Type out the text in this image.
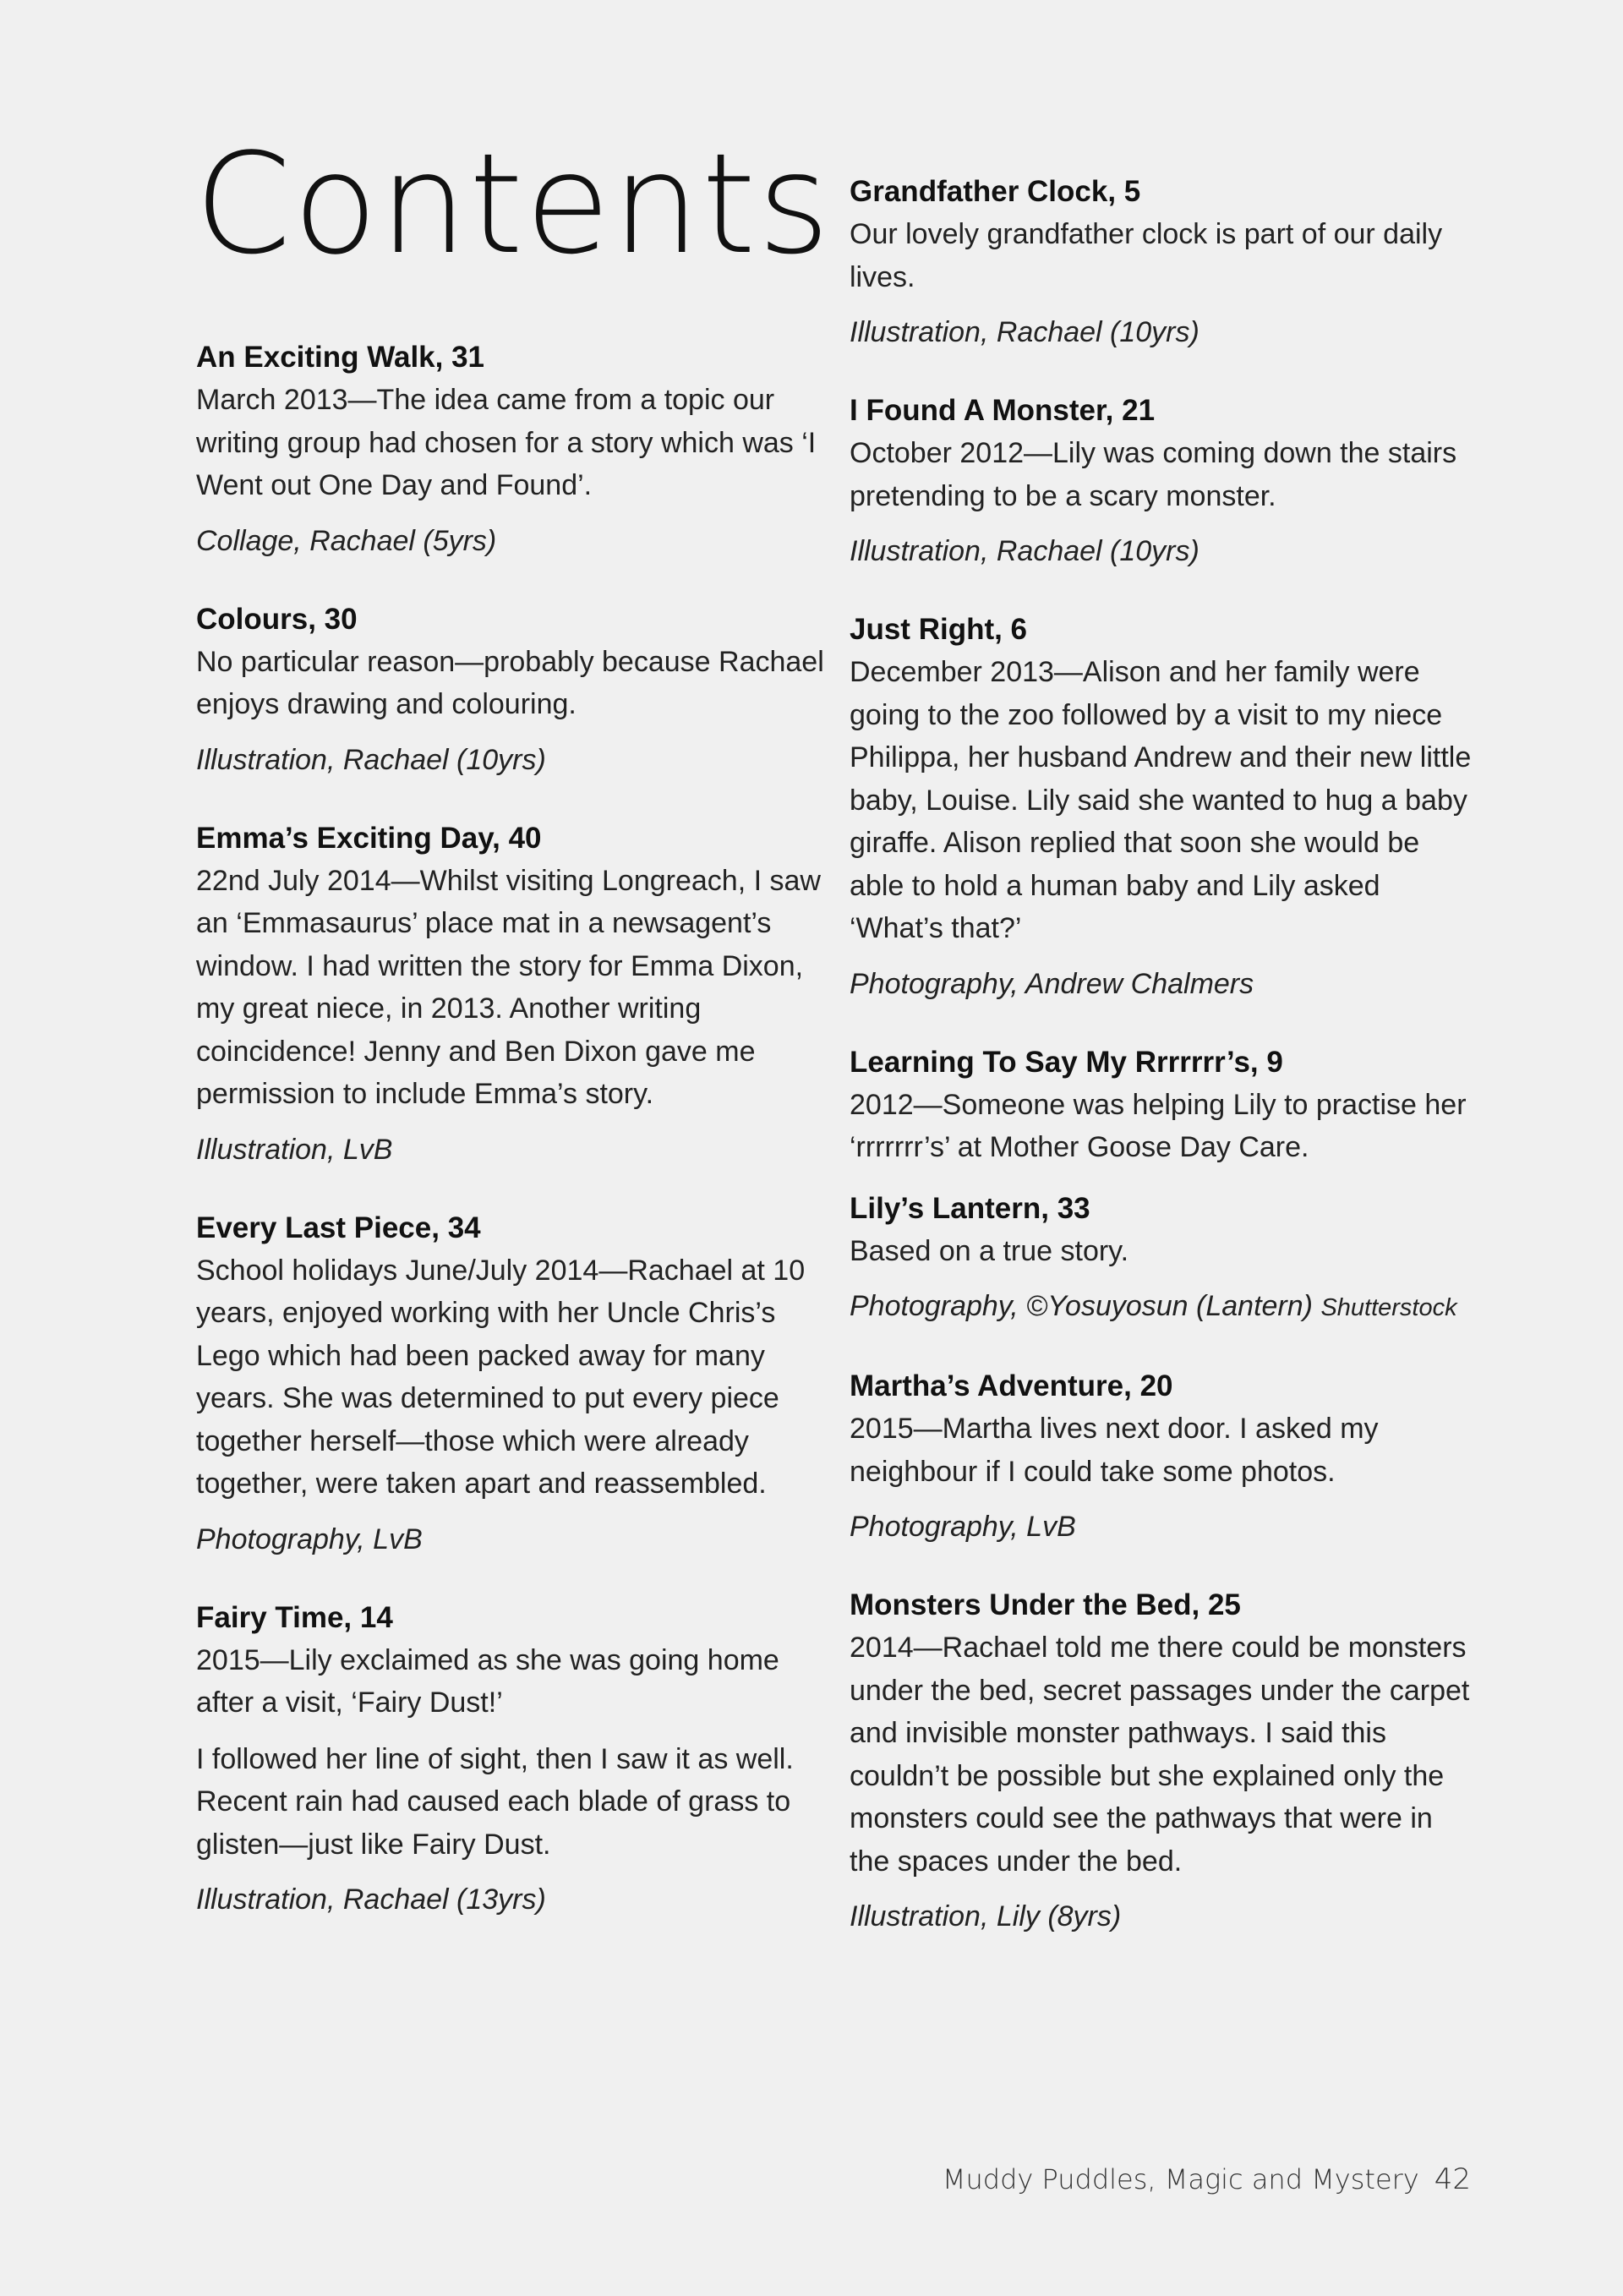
Contents
An Exciting Walk, 31

March 2013—The idea came from a topic our writing group had chosen for a story which was ‘I Went out One Day and Found’.

Collage, Rachael (5yrs)
Colours, 30

No particular reason—probably because Rachael enjoys drawing and colouring.

Illustration, Rachael (10yrs)
Emma’s Exciting Day, 40

22nd July 2014—Whilst visiting Longreach, I saw an ‘Emmasaurus’ place mat in a newsagent’s window. I had written the story for Emma Dixon, my great niece, in 2013. Another writing coincidence! Jenny and Ben Dixon gave me permission to include Emma’s story.

Illustration, LvB
Every Last Piece, 34

School holidays June/July 2014—Rachael at 10 years, enjoyed working with her Uncle Chris’s Lego which had been packed away for many years. She was determined to put every piece together herself—those which were already together, were taken apart and reassembled.

Photography, LvB
Fairy Time, 14

2015—Lily exclaimed as she was going home after a visit, ‘Fairy Dust!’

I followed her line of sight, then I saw it as well. Recent rain had caused each blade of grass to glisten—just like Fairy Dust.

Illustration, Rachael (13yrs)
Grandfather Clock, 5

Our lovely grandfather clock is part of our daily lives.

Illustration, Rachael (10yrs)
I Found A Monster, 21

October 2012—Lily was coming down the stairs pretending to be a scary monster.

Illustration, Rachael (10yrs)
Just Right, 6

December 2013—Alison and her family were going to the zoo followed by a visit to my niece Philippa, her husband Andrew and their new little baby, Louise. Lily said she wanted to hug a baby giraffe. Alison replied that soon she would be able to hold a human baby and Lily asked ‘What’s that?’

Photography, Andrew Chalmers
Learning To Say My Rrrrrrr’s, 9

2012—Someone was helping Lily to practise her ‘rrrrrrr’s’ at Mother Goose Day Care.

Lily’s Lantern, 33

Based on a true story.

Photography, ©Yosuyosun (Lantern) Shutterstock
Martha’s Adventure, 20

2015—Martha lives next door. I asked my neighbour if I could take some photos.

Photography, LvB
Monsters Under the Bed, 25

2014—Rachael told me there could be monsters under the bed, secret passages under the carpet and invisible monster pathways. I said this couldn’t be possible but she explained only the monsters could see the pathways that were in the spaces under the bed.

Illustration, Lily (8yrs)
Muddy Puddles, Magic and Mystery 42
